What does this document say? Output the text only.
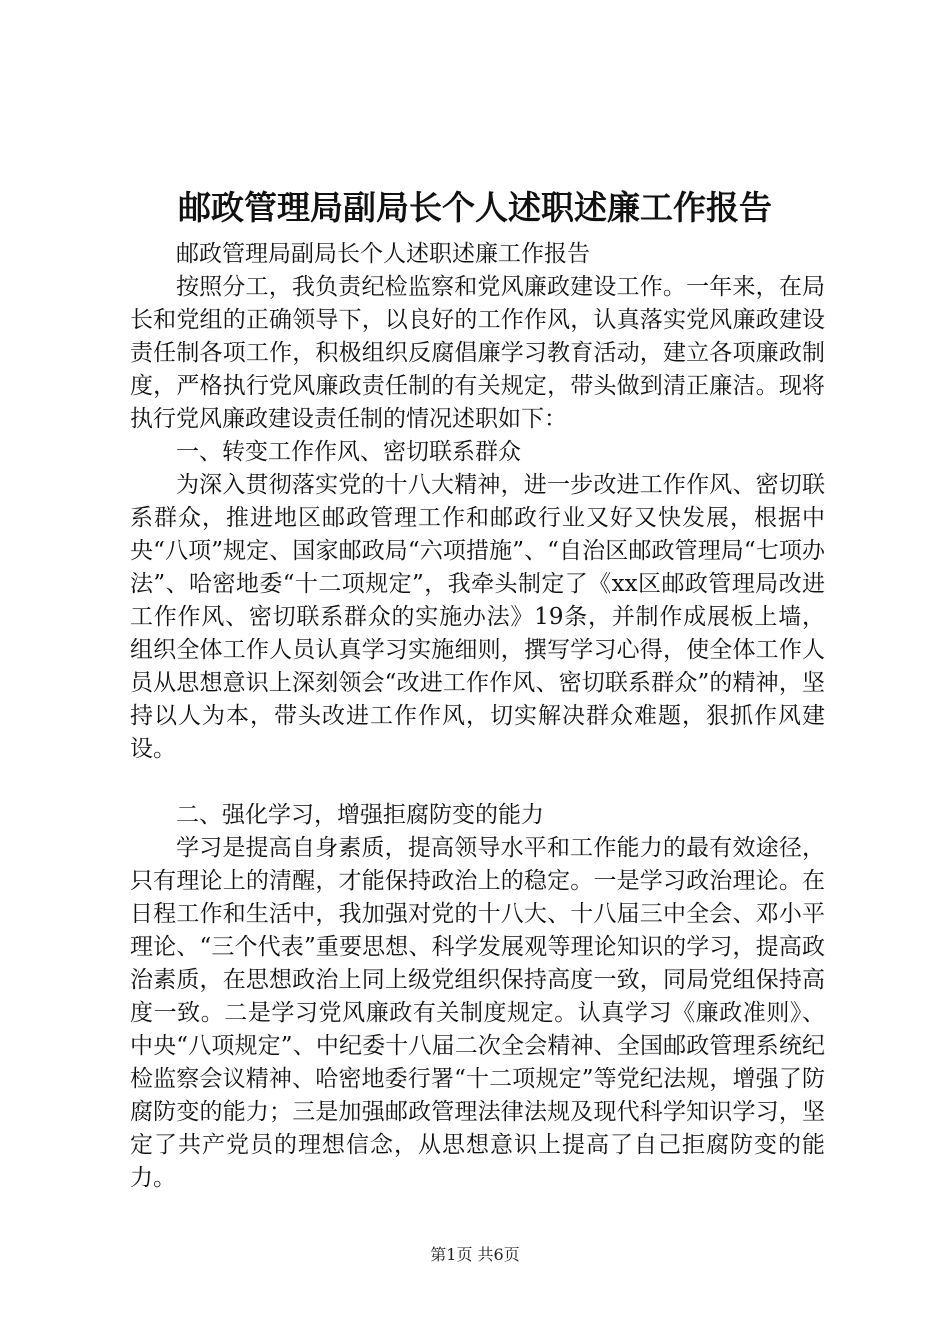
邮政管理局副局长个人述职述廉工作报告

邮政管理局副局长个人述职述廉工作报告

按照分工，我负责纪检监察和党风廉政建设工作。一年来，在局长和党组的正确领导下，以良好的工作作风，认真落实党风廉政建设责任制各项工作，积极组织反腐倡廉学习教育活动，建立各项廉政制度，严格执行党风廉政责任制的有关规定，带头做到清正廉洁。现将执行党风廉政建设责任制的情况述职如下：

一、转变工作作风、密切联系群众

为深入贯彻落实党的十八大精神，进一步改进工作作风、密切联系群众，推进地区邮政管理工作和邮政行业又好又快发展，根据中央“八项”规定、国家邮政局“六项措施”、“自治区邮政管理局“七项办法”、哈密地委“十二项规定”，我牵头制定了《xx区邮政管理局改进工作作风、密切联系群众的实施办法》19条，并制作成展板上墙，组织全体工作人员认真学习实施细则，撰写学习心得，使全体工作人员从思想意识上深刻领会“改进工作作风、密切联系群众”的精神，坚持以人为本，带头改进工作作风，切实解决群众难题，狠抓作风建设。

二、强化学习，增强拒腐防变的能力

学习是提高自身素质，提高领导水平和工作能力的最有效途径，只有理论上的清醒，才能保持政治上的稳定。一是学习政治理论。在日程工作和生活中，我加强对党的十八大、十八届三中全会、邓小平理论、“三个代表”重要思想、科学发展观等理论知识的学习，提高政治素质，在思想政治上同上级党组织保持高度一致，同局党组保持高度一致。二是学习党风廉政有关制度规定。认真学习《廉政准则》、中央“八项规定”、中纪委十八届二次全会精神、全国邮政管理系统纪检监察会议精神、哈密地委行署“十二项规定”等党纪法规，增强了防腐防变的能力；三是加强邮政管理法律法规及现代科学知识学习，坚定了共产党员的理想信念，从思想意识上提高了自己拒腐防变的能力。

第1页 共6页
